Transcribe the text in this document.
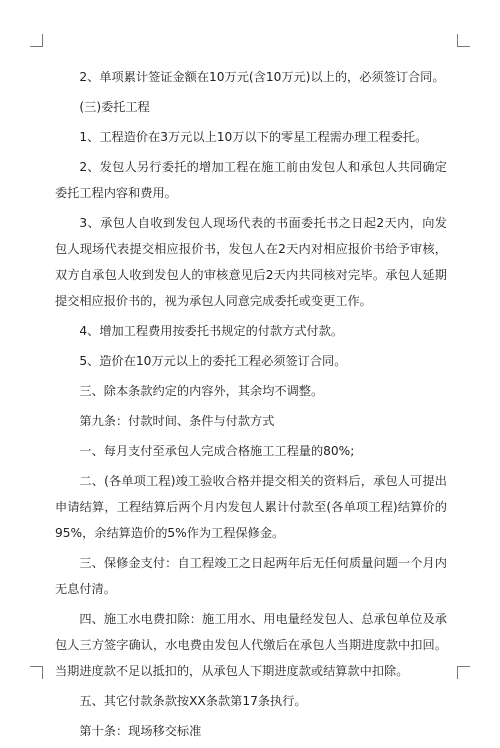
2、单项累计签证金额在10万元(含10万元)以上的，必须签订合同。

(三)委托工程

1、工程造价在3万元以上10万以下的零星工程需办理工程委托。

2、发包人另行委托的增加工程在施工前由发包人和承包人共同确定委托工程内容和费用。

3、承包人自收到发包人现场代表的书面委托书之日起2天内，向发包人现场代表提交相应报价书，发包人在2天内对相应报价书给予审核，双方自承包人收到发包人的审核意见后2天内共同核对完毕。承包人延期提交相应报价书的，视为承包人同意完成委托或变更工作。

4、增加工程费用按委托书规定的付款方式付款。

5、造价在10万元以上的委托工程必须签订合同。

三、除本条款约定的内容外，其余均不调整。

第九条：付款时间、条件与付款方式

一、每月支付至承包人完成合格施工工程量的80%;

二、(各单项工程)竣工验收合格并提交相关的资料后，承包人可提出申请结算，工程结算后两个月内发包人累计付款至(各单项工程)结算价的95%，余结算造价的5%作为工程保修金。

三、保修金支付：自工程竣工之日起两年后无任何质量问题一个月内无息付清。

四、施工水电费扣除：施工用水、用电量经发包人、总承包单位及承包人三方签字确认，水电费由发包人代缴后在承包人当期进度款中扣回。当期进度款不足以抵扣的，从承包人下期进度款或结算款中扣除。

五、其它付款条款按XX条款第17条执行。

第十条：现场移交标准
